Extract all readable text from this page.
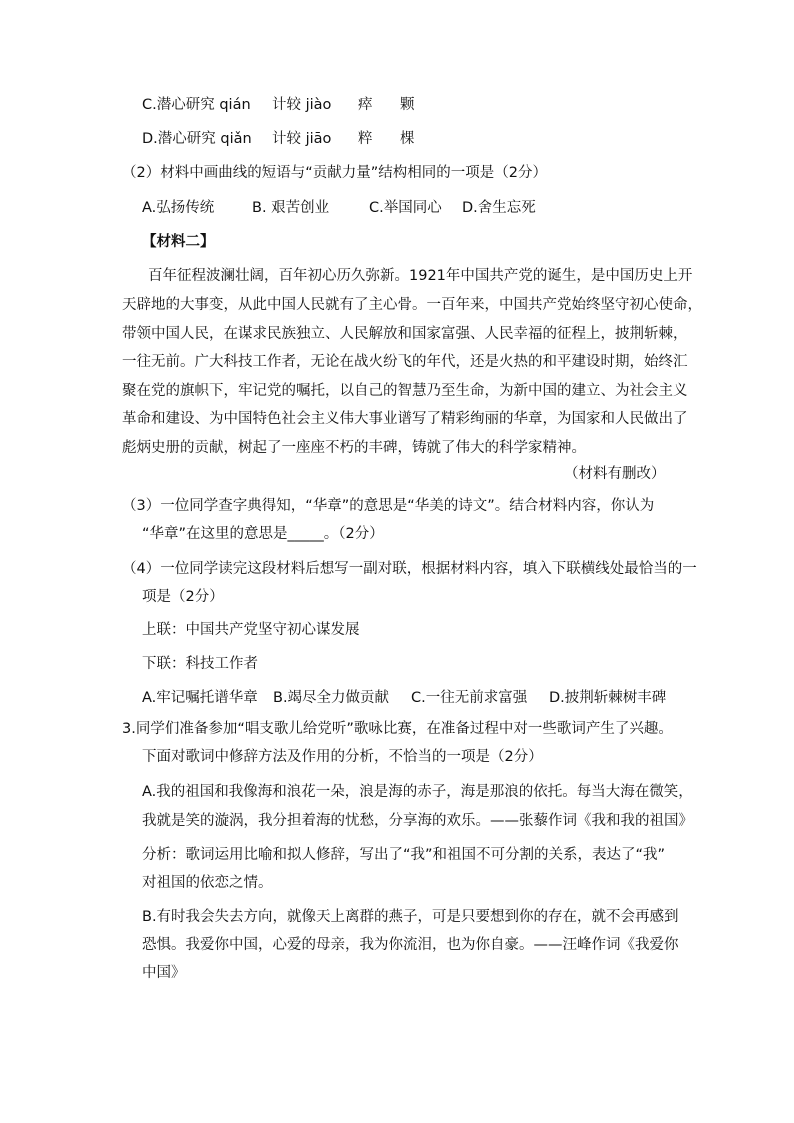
C.潜心研究 qián 计较 jiào 瘁 颗
D.潜心研究 qiǎn 计较 jiāo 粹 棵
（2）材料中画曲线的短语与“贡献力量”结构相同的一项是（2分）
A.弘扬传统	B. 艰苦创业	C.举国同心 D.舍生忘死
【材料二】
百年征程波澜壮阔，百年初心历久弥新。1921年中国共产党的诞生，是中国历史上开
天辟地的大事变，从此中国人民就有了主心骨。一百年来，中国共产党始终坚守初心使命，
带领中国人民，在谋求民族独立、人民解放和国家富强、人民幸福的征程上，披荆斩棘，
一往无前。广大科技工作者，无论在战火纷飞的年代，还是火热的和平建设时期，始终汇
聚在党的旗帜下，牢记党的嘱托，以自己的智慧乃至生命，为新中国的建立、为社会主义
革命和建设、为中国特色社会主义伟大事业谱写了精彩绚丽的华章，为国家和人民做出了
彪炳史册的贡献，树起了一座座不朽的丰碑，铸就了伟大的科学家精神。
（材料有删改）
（3）一位同学查字典得知，“华章”的意思是“华美的诗文”。结合材料内容，你认为
“华章”在这里的意思是_____。（2分）
（4）一位同学读完这段材料后想写一副对联，根据材料内容，填入下联横线处最恰当的一
项是（2分）
上联：中国共产党坚守初心谋发展
下联：科技工作者
A.牢记嘱托谱华章 B.竭尽全力做贡献 C.一往无前求富强 D.披荆斩棘树丰碑
3.同学们准备参加“唱支歌儿给党听”歌咏比赛，在准备过程中对一些歌词产生了兴趣。
下面对歌词中修辞方法及作用的分析，不恰当的一项是（2分）
A.我的祖国和我像海和浪花一朵，浪是海的赤子，海是那浪的依托。每当大海在微笑，
我就是笑的漩涡，我分担着海的忧愁，分享海的欢乐。——张藜作词《我和我的祖国》
分析：歌词运用比喻和拟人修辞，写出了“我”和祖国不可分割的关系，表达了“我”
对祖国的依恋之情。
B.有时我会失去方向，就像天上离群的燕子，可是只要想到你的存在，就不会再感到
恐惧。我爱你中国，心爱的母亲，我为你流泪，也为你自豪。——汪峰作词《我爱你
中国》
